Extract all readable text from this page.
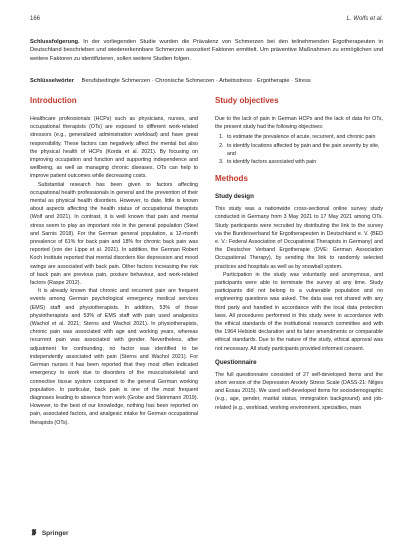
166	L. Wolfs et al.
Schlussfolgerung. In der vorliegenden Studie wurden die Prävalenz von Schmerzen bei den teilnehmenden Ergotherapeuten in Deutschland beschrieben und wiedererkennbare Schmerzen assoziiert Faktoren ermittelt. Um präventive Maßnahmen zu ermöglichen und weitere Faktoren zu identifizieren, sollen weitere Studien folgen.
Schlüsselwörter Berufsbedingte Schmerzen · Chronische Schmerzen · Arbeitsstress · Ergotherapie · Stress
Introduction

Healthcare professionals (HCPs) such as physicians, nurses, and occupational therapists (OTs) are exposed to different work-related stressors (e.g., generalized administration workload) and have great responsibility. These factors can negatively affect the mental but also the physical health of HCPs (Korda et al. 2021). By focusing on improving occupation and function and supporting independence and wellbeing, as well as managing chronic diseases, OTs can help to improve patient outcomes while decreasing costs.

Substantial research has been given to factors affecting occupational health professionals in general and the prevention of their mental as physical health disorders. However, to date, little is known about aspects affecting the health status of occupational therapists (Wolf and 2021). In contrast, it is well known that pain and mental stress seem to play an important role in the general population (Steel and Sarnis 2018). For the German general population, a 12-month prevalence of 61% for back pain and 18% for chronic back pain was reported (von der Lippe et al. 2021). In addition, the German Robert Koch Institute reported that mental disorders like depression and mood swings are associated with back pain. Other factors increasing the risk of back pain are previous pain, posture behaviour, and work-related factors (Raspe 2012).

It is already known that chronic and recurrent pain are frequent events among German psychological emergency medical services (EMS) staff and physiotherapists. In addition, 53% of those physiotherapists and 53% of EMS staff with pain used analgesics (Wachol et al. 2021; Sterns and Wachol 2021). In physiotherapists, chronic pain was associated with age and working years, whereas recurrent pain was associated with gender. Nevertheless, after adjustment for confounding, no factor was identified to be independently associated with pain (Sterns and Wachol 2021). For German nurses it has been reported that they most often indicated emergency to work due to disorders of the musculoskeletal and connective tissue system compared to the general German working population. In particular, back pain is one of the most frequent diagnoses leading to absence from work (Grobe and Steinmann 2019). However, to the best of our knowledge, nothing has been reported on pain, associated factors, and analgesic intake for German occupational therapists (OTs).

Study objectives

Due to the lack of pain in German HCPs and the lack of data for OTs, the present study had the following objectives:

1. to estimate the prevalence of acute, recurrent, and chronic pain
2. to identify locations affected by pain and the pain severity by site, and
3. to identify factors associated with pain
Methods
Study design

This study was a nationwide cross-sectional online survey study conducted in Germany from 3 May 2021 to 17 May 2021 among OTs. Study participants were recruited by distributing the link to the survey via the Bundesverband für Ergotherapeuten in Deutschland e. V. (BED e. V.: Federal Association of Occupational Therapists in Germany) and the Deutscher Verband Ergotherapie (DVE: German Association Occupational Therapy), by sending the link to randomly selected practices and hospitals as well as by snowball system.

Participation in the study was voluntarily and anonymous, and participants were able to terminate the survey at any time. Study participants did not belong to a vulnerable population and no engineering questions was asked. The data was not shared with any third party and handled in accordance with the local data protection laws. All procedures performed in this study were in accordance with the ethical standards of the institutional research committee and with the 1964 Helsinki declaration and its later amendments or comparable ethical standards. Due to the nature of the study, ethical approval was not necessary. All study participants provided informed consent.

Questionnaire

The full questionnaire consisted of 27 self-developed items and the short version of the Depression Anxiety Stress Scale (DASS-21: Nilges and Essau 2015). We used self-developed items for sociodemographic (e.g., age, gender, marital status, immigration background) and job-related (e.g., workload, working environment, specialties, main

Springer
